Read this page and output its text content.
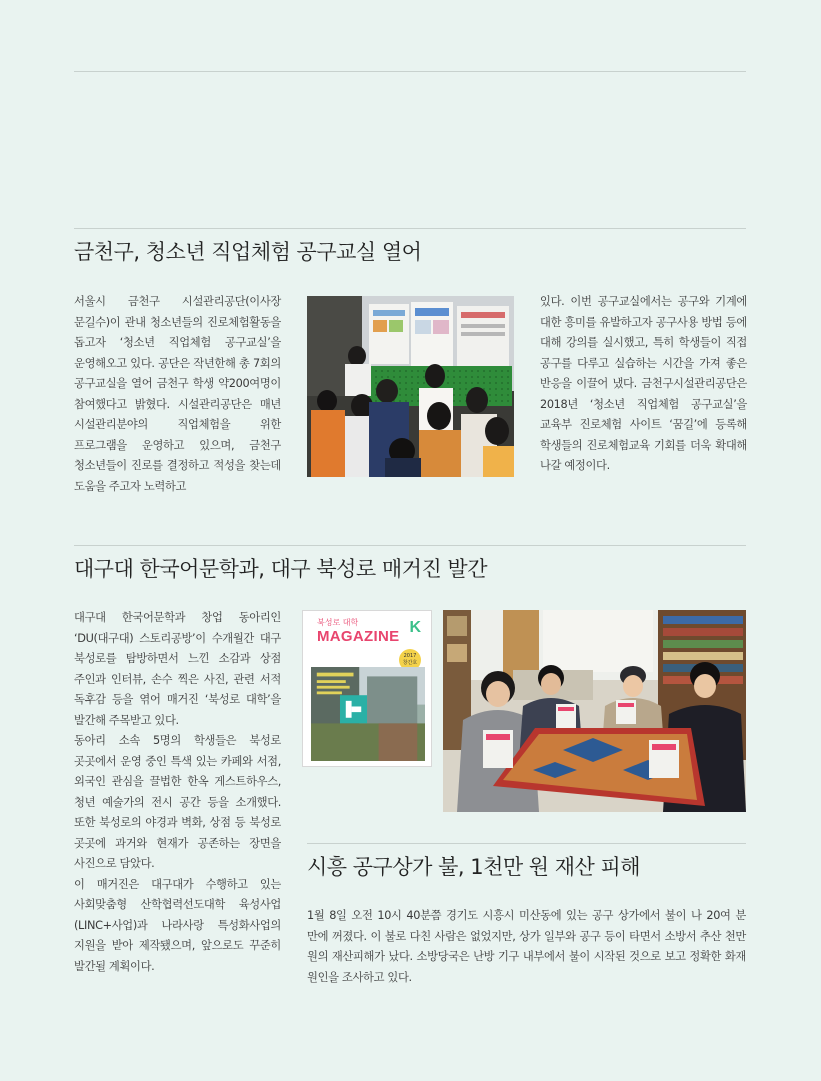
금천구, 청소년 직업체험 공구교실 열어

서울시 금천구 시설관리공단(이사장 문길수)이 관내 청소년들의 진로체험활동을 돕고자 ‘청소년 직업체험 공구교실’을 운영해오고 있다. 공단은 작년한해 총 7회의 공구교실을 열어 금천구 학생 약200여명이 참여했다고 밝혔다. 시설관리공단은 매년 시설관리분야의 직업체험을 위한 프로그램을 운영하고 있으며, 금천구 청소년들이 진로를 결정하고 적성을 찾는데 도움을 주고자 노력하고

있다. 이번 공구교실에서는 공구와 기계에 대한 흥미를 유발하고자 공구사용 방법 등에 대해 강의를 실시했고, 특히 학생들이 직접 공구를 다루고 실습하는 시간을 가져 좋은 반응을 이끌어 냈다. 금천구시설관리공단은 2018년 ‘청소년 직업체험 공구교실’을 교육부 진로체험 사이트 ‘꿈길’에 등록해 학생들의 진로체험교육 기회를 더욱 확대해 나갈 예정이다.

대구대 한국어문학과, 대구 북성로 매거진 발간

대구대 한국어문학과 창업 동아리인 ‘DU(대구대) 스토리공방’이 수개월간 대구 북성로를 탐방하면서 느낀 소감과 상점 주인과 인터뷰, 손수 찍은 사진, 관련 서적 독후감 등을 엮어 매거진 ‘북성로 대학’을 발간해 주목받고 있다.

동아리 소속 5명의 학생들은 북성로 곳곳에서 운영 중인 특색 있는 카페와 서점, 외국인 관심을 끌법한 한옥 게스트하우스, 청년 예술가의 전시 공간 등을 소개했다. 또한 북성로의 야경과 벽화, 상점 등 북성로 곳곳에 과거와 현재가 공존하는 장면을 사진으로 담았다.

이 매거진은 대구대가 수행하고 있는 사회맞춤형 산학협력선도대학 육성사업(LINC+사업)과 나라사랑 특성화사업의 지원을 받아 제작됐으며, 앞으로도 꾸준히 발간될 계획이다.

북성로 대학
MAGAZINE
K
2017
창간호
시흥 공구상가 불, 1천만 원 재산 피해

1월 8일 오전 10시 40분쯤 경기도 시흥시 미산동에 있는 공구 상가에서 불이 나 20여 분 만에 꺼졌다. 이 불로 다친 사람은 없었지만, 상가 일부와 공구 등이 타면서 소방서 추산 천만 원의 재산피해가 났다. 소방당국은 난방 기구 내부에서 불이 시작된 것으로 보고 정확한 화재 원인을 조사하고 있다.
